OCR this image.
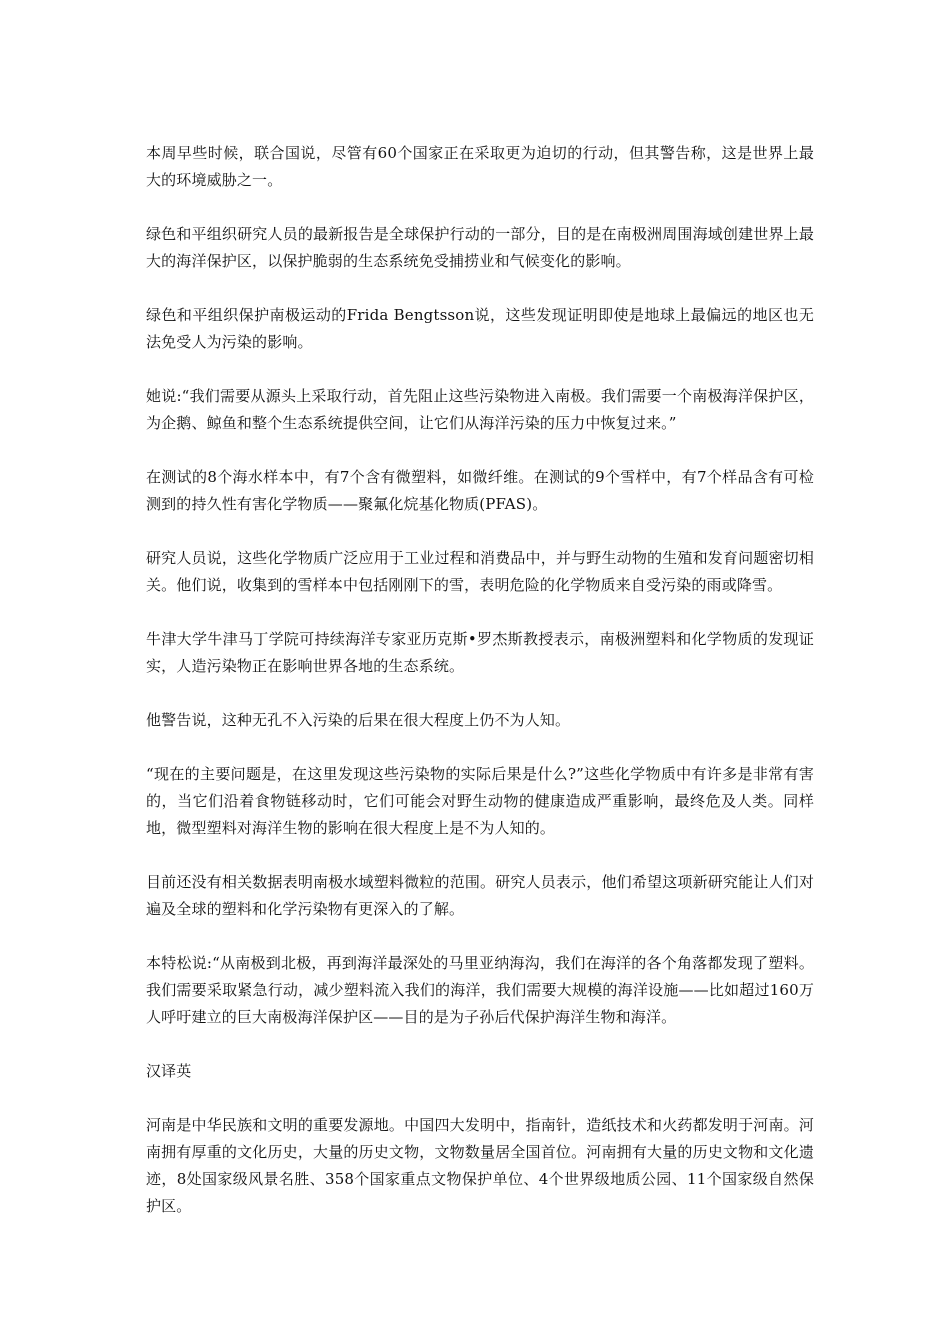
本周早些时候，联合国说，尽管有60个国家正在采取更为迫切的行动，但其警告称，这是世界上最大的环境威胁之一。

绿色和平组织研究人员的最新报告是全球保护行动的一部分，目的是在南极洲周围海域创建世界上最大的海洋保护区，以保护脆弱的生态系统免受捕捞业和气候变化的影响。

绿色和平组织保护南极运动的Frida Bengtsson说，这些发现证明即使是地球上最偏远的地区也无法免受人为污染的影响。

她说:“我们需要从源头上采取行动，首先阻止这些污染物进入南极。我们需要一个南极海洋保护区，为企鹅、鲸鱼和整个生态系统提供空间，让它们从海洋污染的压力中恢复过来。”

在测试的8个海水样本中，有7个含有微塑料，如微纤维。在测试的9个雪样中，有7个样品含有可检测到的持久性有害化学物质——聚氟化烷基化物质(PFAS)。

研究人员说，这些化学物质广泛应用于工业过程和消费品中，并与野生动物的生殖和发育问题密切相关。他们说，收集到的雪样本中包括刚刚下的雪，表明危险的化学物质来自受污染的雨或降雪。

牛津大学牛津马丁学院可持续海洋专家亚历克斯•罗杰斯教授表示，南极洲塑料和化学物质的发现证实，人造污染物正在影响世界各地的生态系统。

他警告说，这种无孔不入污染的后果在很大程度上仍不为人知。

“现在的主要问题是，在这里发现这些污染物的实际后果是什么?”这些化学物质中有许多是非常有害的，当它们沿着食物链移动时，它们可能会对野生动物的健康造成严重影响，最终危及人类。同样地，微型塑料对海洋生物的影响在很大程度上是不为人知的。

目前还没有相关数据表明南极水域塑料微粒的范围。研究人员表示，他们希望这项新研究能让人们对遍及全球的塑料和化学污染物有更深入的了解。

本特松说:“从南极到北极，再到海洋最深处的马里亚纳海沟，我们在海洋的各个角落都发现了塑料。我们需要采取紧急行动，减少塑料流入我们的海洋，我们需要大规模的海洋设施——比如超过160万人呼吁建立的巨大南极海洋保护区——目的是为子孙后代保护海洋生物和海洋。

汉译英

河南是中华民族和文明的重要发源地。中国四大发明中，指南针，造纸技术和火药都发明于河南。河南拥有厚重的文化历史，大量的历史文物，文物数量居全国首位。河南拥有大量的历史文物和文化遗迹，8处国家级风景名胜、358个国家重点文物保护单位、4个世界级地质公园、11个国家级自然保护区。
